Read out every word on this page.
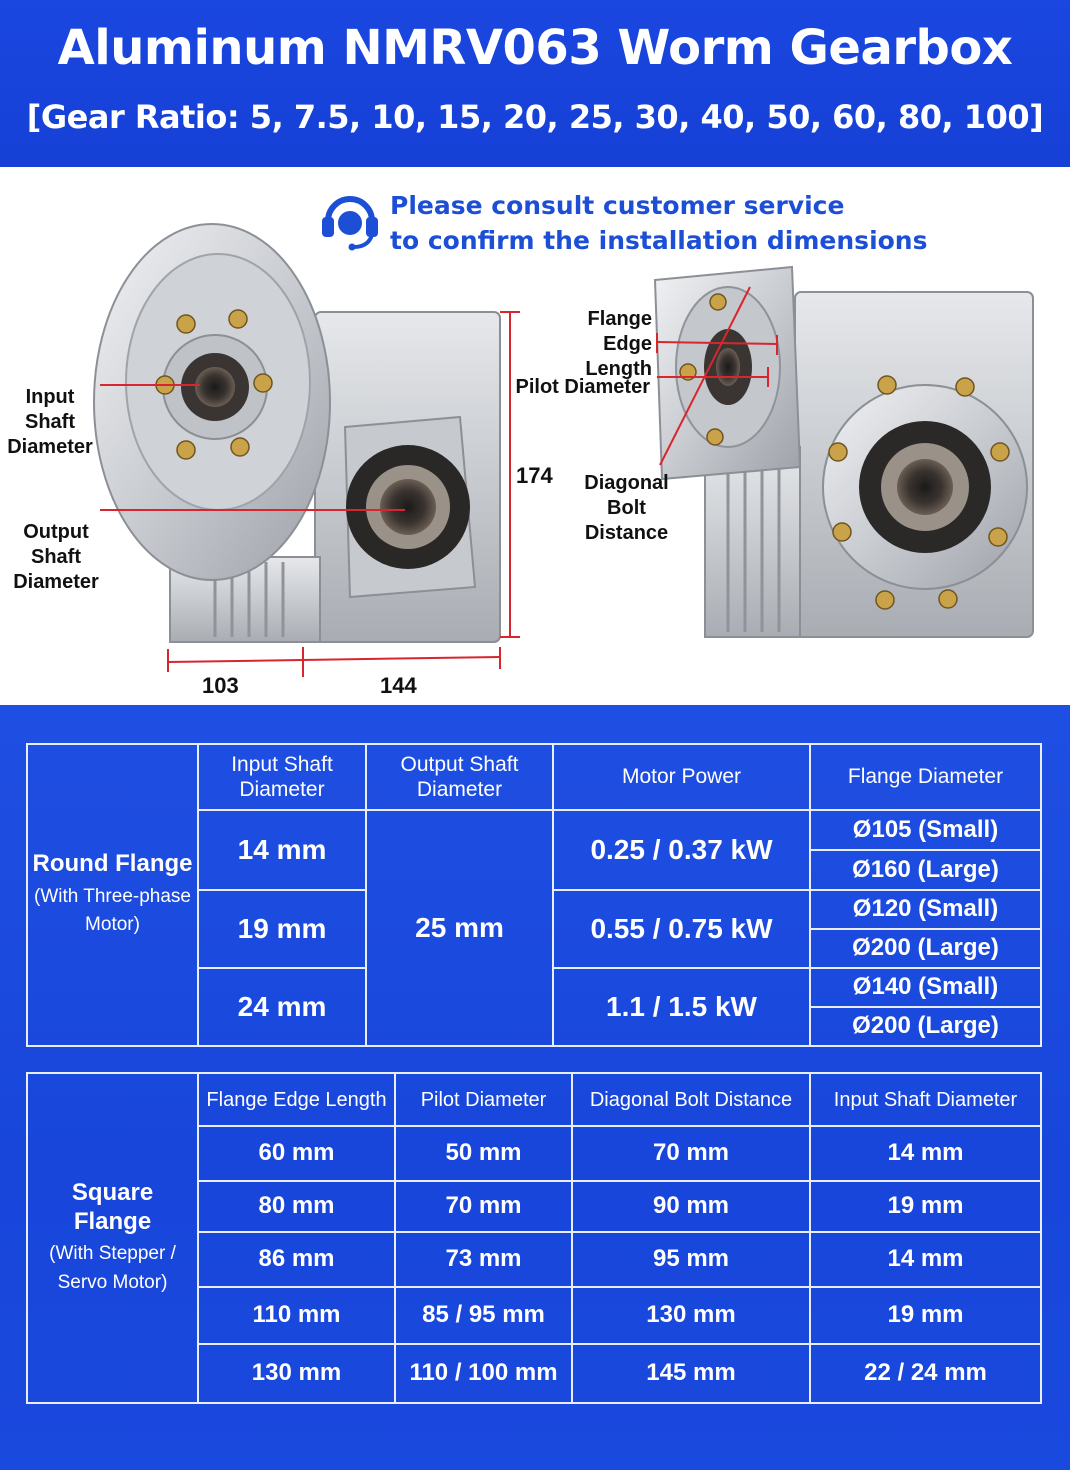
Aluminum NMRV063 Worm Gearbox
[Gear Ratio: 5, 7.5, 10, 15, 20, 25, 30, 40, 50, 60, 80, 100]
Please consult customer service
to confirm the installation dimensions
Input
Shaft
Diameter
Output
Shaft
Diameter
Flange
Edge Length
Pilot Diameter
Diagonal
Bolt Distance
174
103	144
Round Flange
(With Three-phase
Motor)	Input Shaft
Diameter	Output Shaft
Diameter	Motor Power	Flange Diameter
	14 mm	25 mm	0.25 / 0.37 kW	Ø105 (Small)
				Ø160 (Large)
	19 mm		0.55 / 0.75 kW	Ø120 (Small)
				Ø200 (Large)
	24 mm		1.1 / 1.5 kW	Ø140 (Small)
				Ø200 (Large)
Square Flange
(With Stepper /
Servo Motor)	Flange Edge Length	Pilot Diameter	Diagonal Bolt Distance	Input Shaft Diameter
	60 mm	50 mm	70 mm	14 mm
	80 mm	70 mm	90 mm	19 mm
	86 mm	73 mm	95 mm	14 mm
	110 mm	85 / 95 mm	130 mm	19 mm
	130 mm	110 / 100 mm	145 mm	22 / 24 mm
